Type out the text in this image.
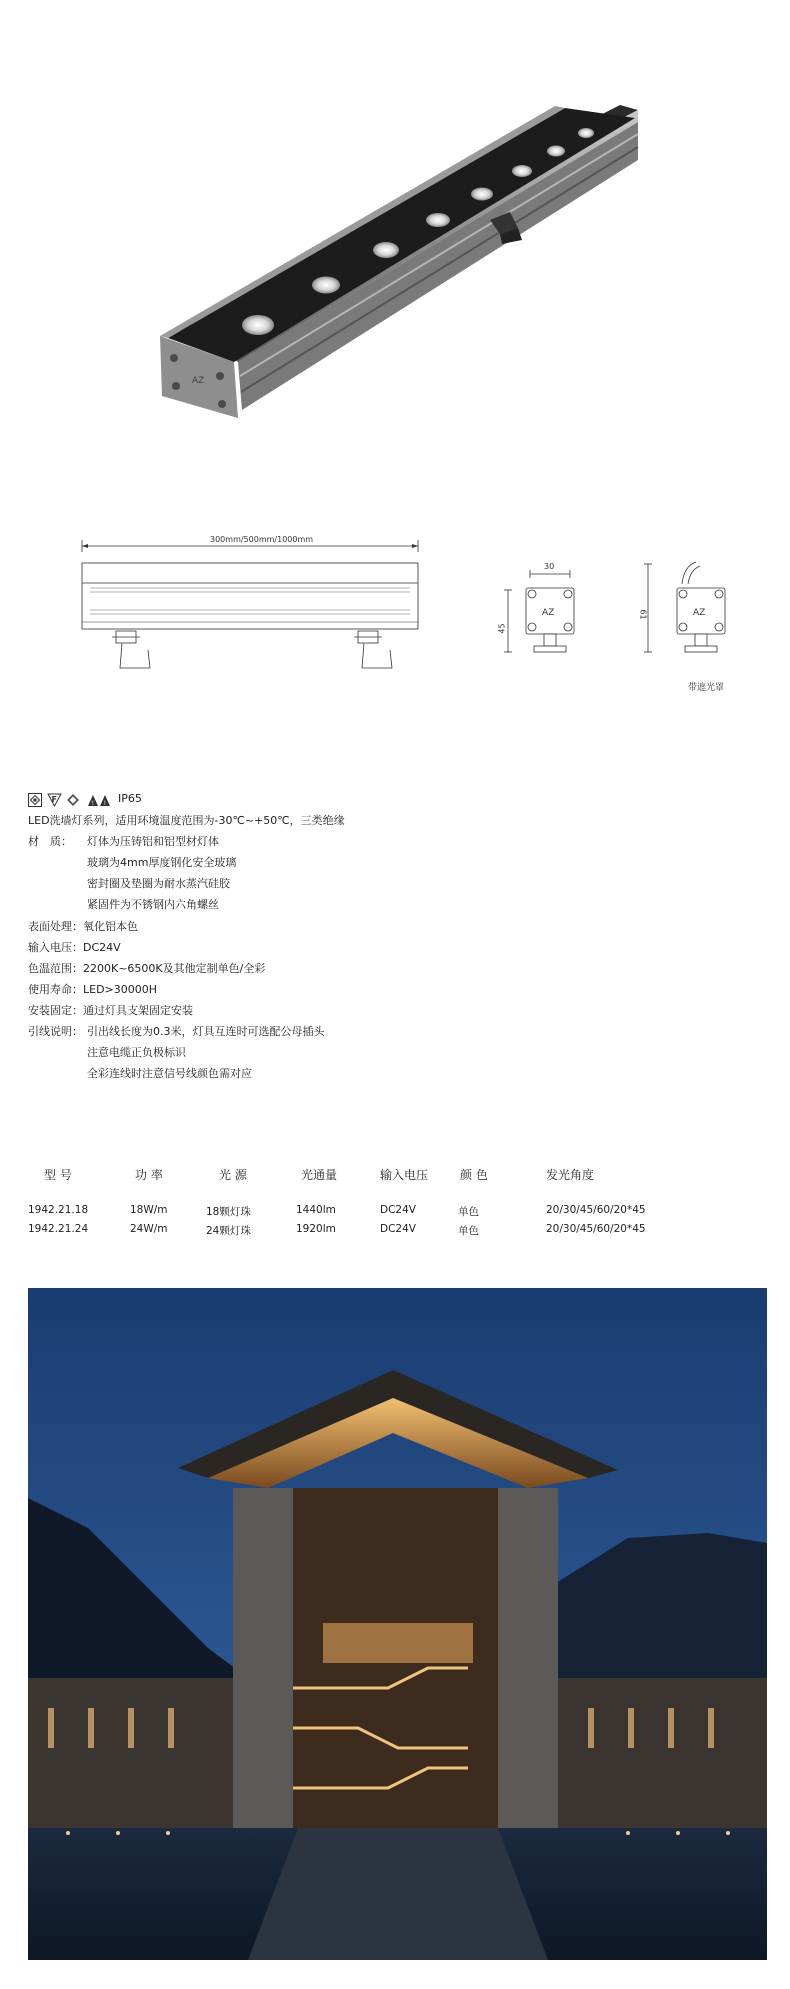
AZ
300mm/500mm/1000mm
30
45
61
AZ	AZ
带遮光罩
F	! ! IP65
LED洗墙灯系列，适用环境温度范围为-30℃~+50℃，三类绝缘
材　质： 灯体为压铸铝和铝型材灯体
玻璃为4mm厚度钢化安全玻璃
密封圈及垫圈为耐水蒸汽硅胶
紧固件为不锈钢内六角螺丝
表面处理：氧化铝本色
输入电压：DC24V
色温范围：2200K~6500K及其他定制单色/全彩
使用寿命：LED>30000H
安装固定：通过灯具支架固定安装
引线说明： 引出线长度为0.3米，灯具互连时可选配公母插头
注意电缆正负极标识
全彩连线时注意信号线颜色需对应
型 号	功 率	光 源	光通量	输入电压	颜 色	发光角度
1942.21.18	18W/m	18颗灯珠	1440lm	DC24V	单色	20/30/45/60/20*45
1942.21.24	24W/m	24颗灯珠	1920lm	DC24V	单色	20/30/45/60/20*45
